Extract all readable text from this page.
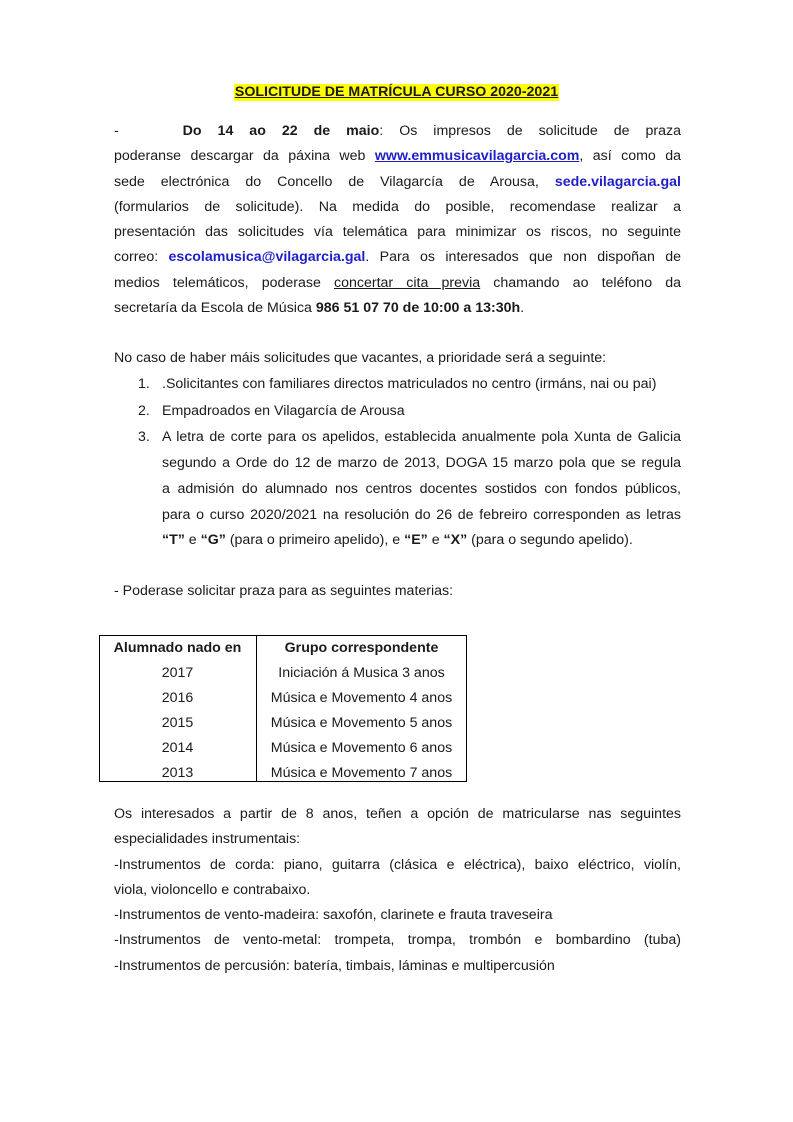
SOLICITUDE DE MATRÍCULA CURSO 2020-2021
-	Do 14 ao 22 de maio: Os impresos de solicitude de praza
poderanse descargar da páxina web www.emmusicavilagarcia.com, así como da
sede electrónica do Concello de Vilagarcía de Arousa, sede.vilagarcia.gal
(formularios de solicitude). Na medida do posible, recomendase realizar a
presentación das solicitudes vía telemática para minimizar os riscos, no seguinte
correo: escolamusica@vilagarcia.gal. Para os interesados que non dispoñan de
medios telemáticos, poderase concertar cita previa chamando ao teléfono da
secretaría da Escola de Música 986 51 07 70 de 10:00 a 13:30h.
No caso de haber máis solicitudes que vacantes, a prioridade será a seguinte:
1. .Solicitantes con familiares directos matriculados no centro (irmáns, nai ou pai)
2. Empadroados en Vilagarcía de Arousa
3. A letra de corte para os apelidos, establecida anualmente pola Xunta de Galicia
segundo a Orde do 12 de marzo de 2013, DOGA 15 marzo pola que se regula
a admisión do alumnado nos centros docentes sostidos con fondos públicos,
para o curso 2020/2021 na resolución do 26 de febreiro corresponden as letras
“T” e “G” (para o primeiro apelido), e “E” e “X” (para o segundo apelido).
- Poderase solicitar praza para as seguintes materias:
Alumnado nado en	Grupo correspondente
2017	Iniciación á Musica 3 anos
2016	Música e Movemento 4 anos
2015	Música e Movemento 5 anos
2014	Música e Movemento 6 anos
2013	Música e Movemento 7 anos
Os interesados a partir de 8 anos, teñen a opción de matricularse nas seguintes
especialidades instrumentais:
-Instrumentos de corda: piano, guitarra (clásica e eléctrica), baixo eléctrico, violín,
viola, violoncello e contrabaixo.
-Instrumentos de vento-madeira: saxofón, clarinete e frauta traveseira
-Instrumentos de vento-metal: trompeta, trompa, trombón e bombardino (tuba)
-Instrumentos de percusión: batería, timbais, láminas e multipercusión
